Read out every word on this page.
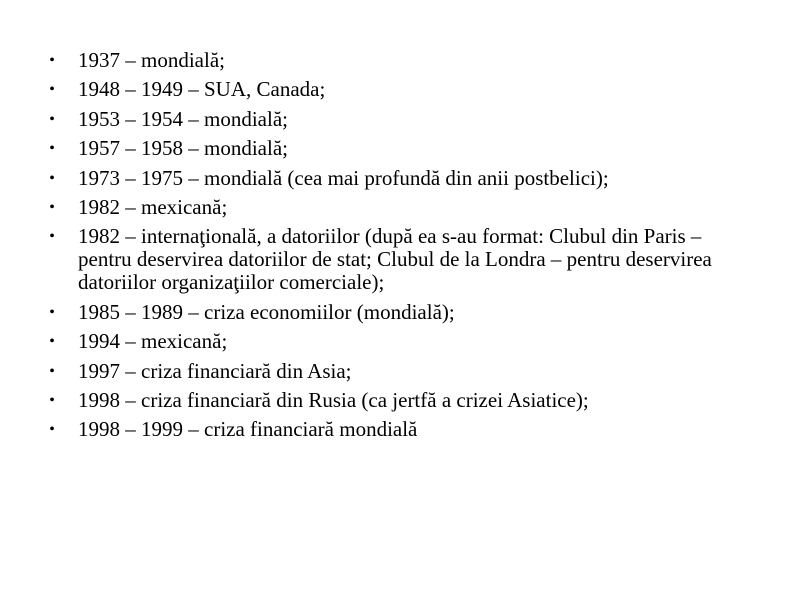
•	1937 – mondială;
•	1948 – 1949 – SUA, Canada;
•	1953 – 1954 – mondială;
•	1957 – 1958 – mondială;
•	1973 – 1975 – mondială (cea mai profundă din anii postbelici);
•	1982 – mexicană;
•	1982 – internaţională, a datoriilor (după ea s-au format: Clubul din Paris – pentru deservirea datoriilor de stat; Clubul de la Londra – pentru deservirea datoriilor organizaţiilor comerciale);
•	1985 – 1989 – criza economiilor (mondială);
•	1994 – mexicană;
•	1997 – criza financiară din Asia;
•	1998 – criza financiară din Rusia (ca jertfă a crizei Asiatice);
•	1998 – 1999 – criza financiară mondială
